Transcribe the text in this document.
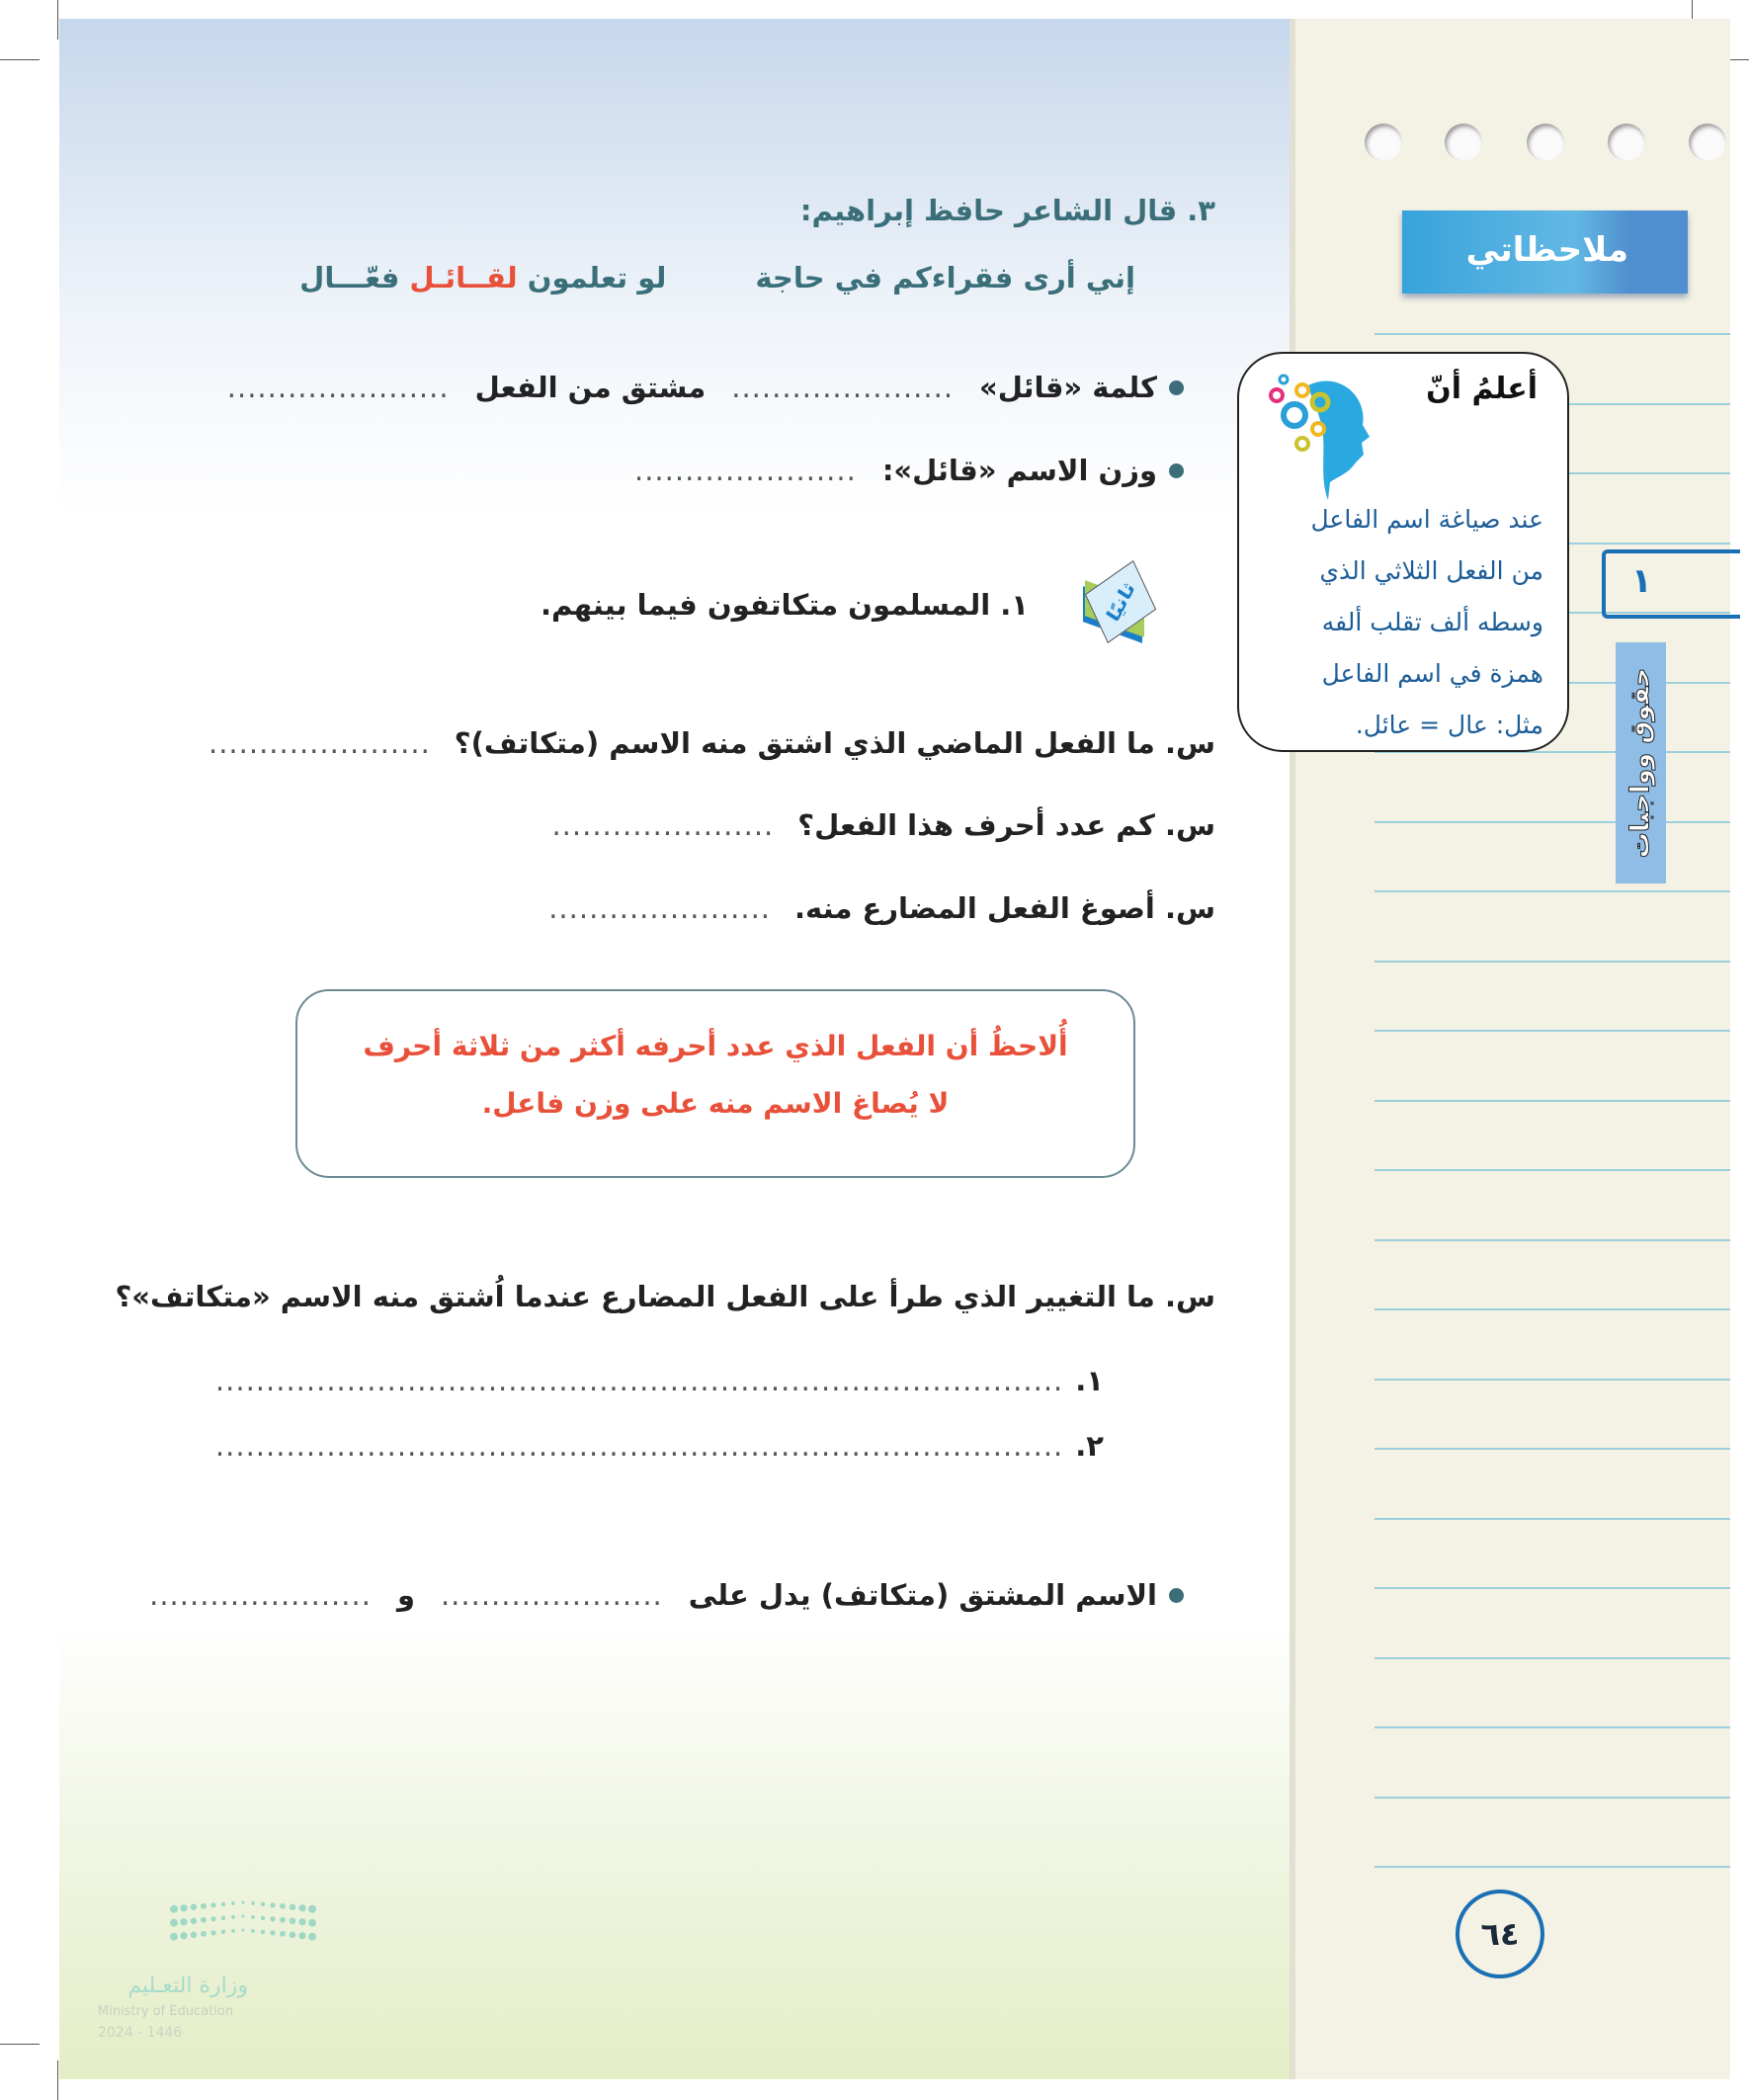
ملاحظاتي
١
حقوق وواجبات
٦٤
أعلمُ أنّ
عند صياغة اسم الفاعل
من الفعل الثلاثي الذي
وسطه ألف تقلب ألفه
همزة في اسم الفاعل
مثل: عال = عائل.
٣. قال الشاعر حافظ إبراهيم:
إني أرى فقراءكم في حاجة
لو تعلمون لقــائـل فعّـــال
كلمة «قائل»
......................
مشتق من الفعل
......................
وزن الاسم «قائل»:
......................
ثانيًا
١. المسلمون متكاتفون فيما بينهم.
س. ما الفعل الماضي الذي اشتق منه الاسم (متكاتف)؟
......................
س. كم عدد أحرف هذا الفعل؟
......................
س. أصوغ الفعل المضارع منه.
......................
أُلاحظُ أن الفعل الذي عدد أحرفه أكثر من ثلاثة أحرف
لا يُصاغ الاسم منه على وزن فاعل.
س. ما التغيير الذي طرأ على الفعل المضارع عندما اُشتق منه الاسم «متكاتف»؟
١.
....................................................................................
٢.
....................................................................................
الاسم المشتق (متكاتف) يدل على
......................
و
......................
وزارة التعـليم
Ministry of Education
2024 - 1446
